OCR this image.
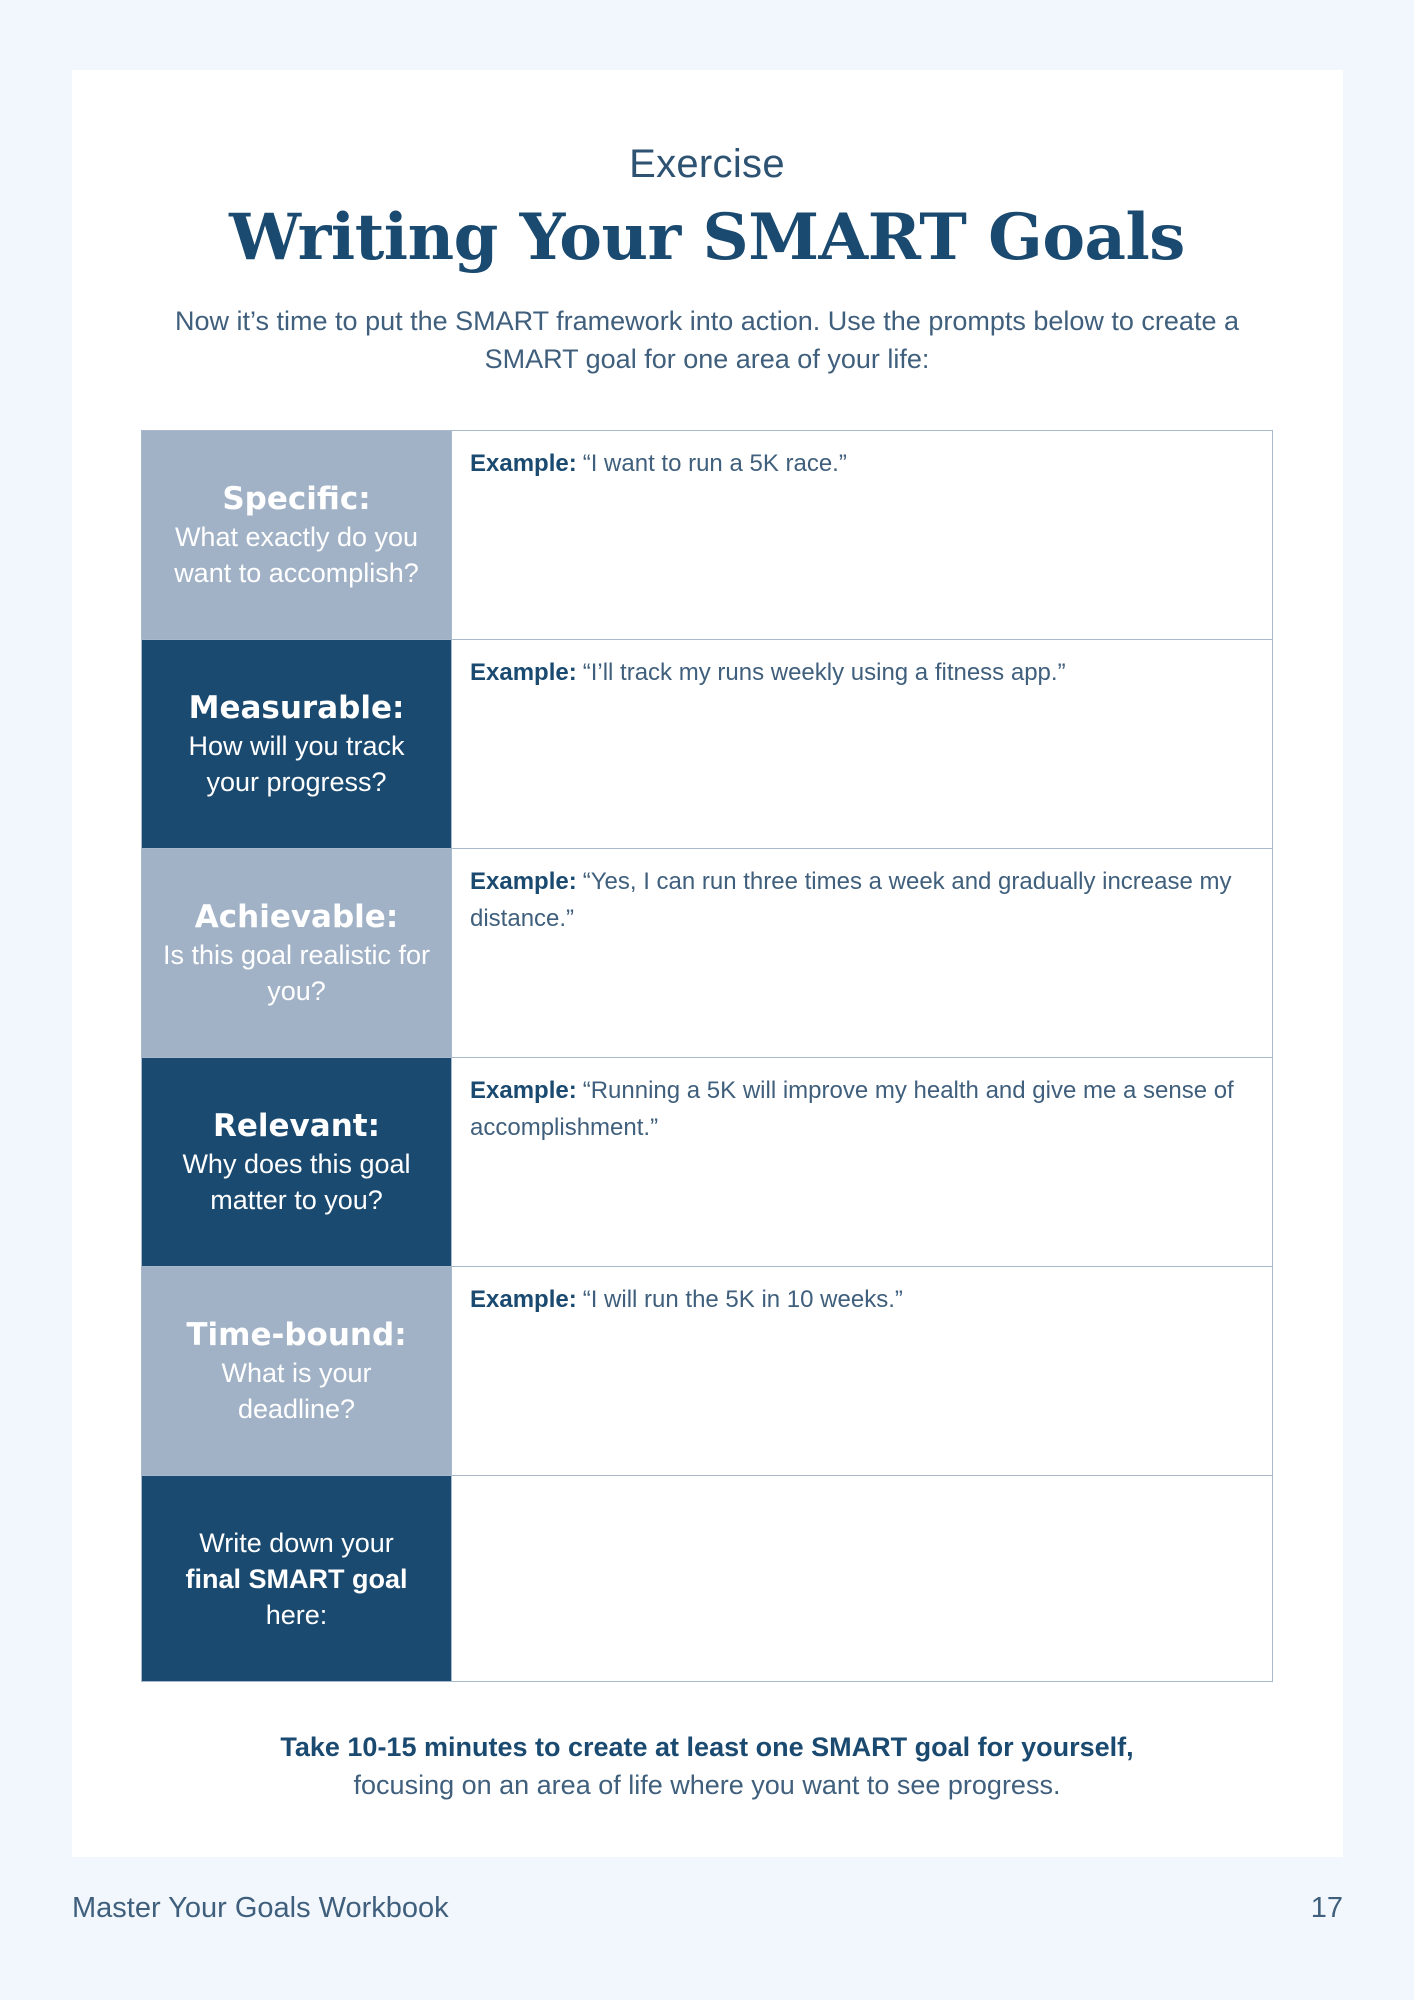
Exercise
Writing Your SMART Goals
Now it’s time to put the SMART framework into action. Use the prompts below to create a SMART goal for one area of your life:
Specific:
What exactly do you want to accomplish?
Example: “I want to run a 5K race.”
Measurable:
How will you track your progress?
Example: “I’ll track my runs weekly using a fitness app.”
Achievable:
Is this goal realistic for you?
Example: “Yes, I can run three times a week and gradually increase my distance.”
Relevant:
Why does this goal matter to you?
Example: “Running a 5K will improve my health and give me a sense of accomplishment.”
Time-bound:
What is your deadline?
Example: “I will run the 5K in 10 weeks.”
Write down your
final SMART goal
here:
Take 10-15 minutes to create at least one SMART goal for yourself,
focusing on an area of life where you want to see progress.
Master Your Goals Workbook	17
